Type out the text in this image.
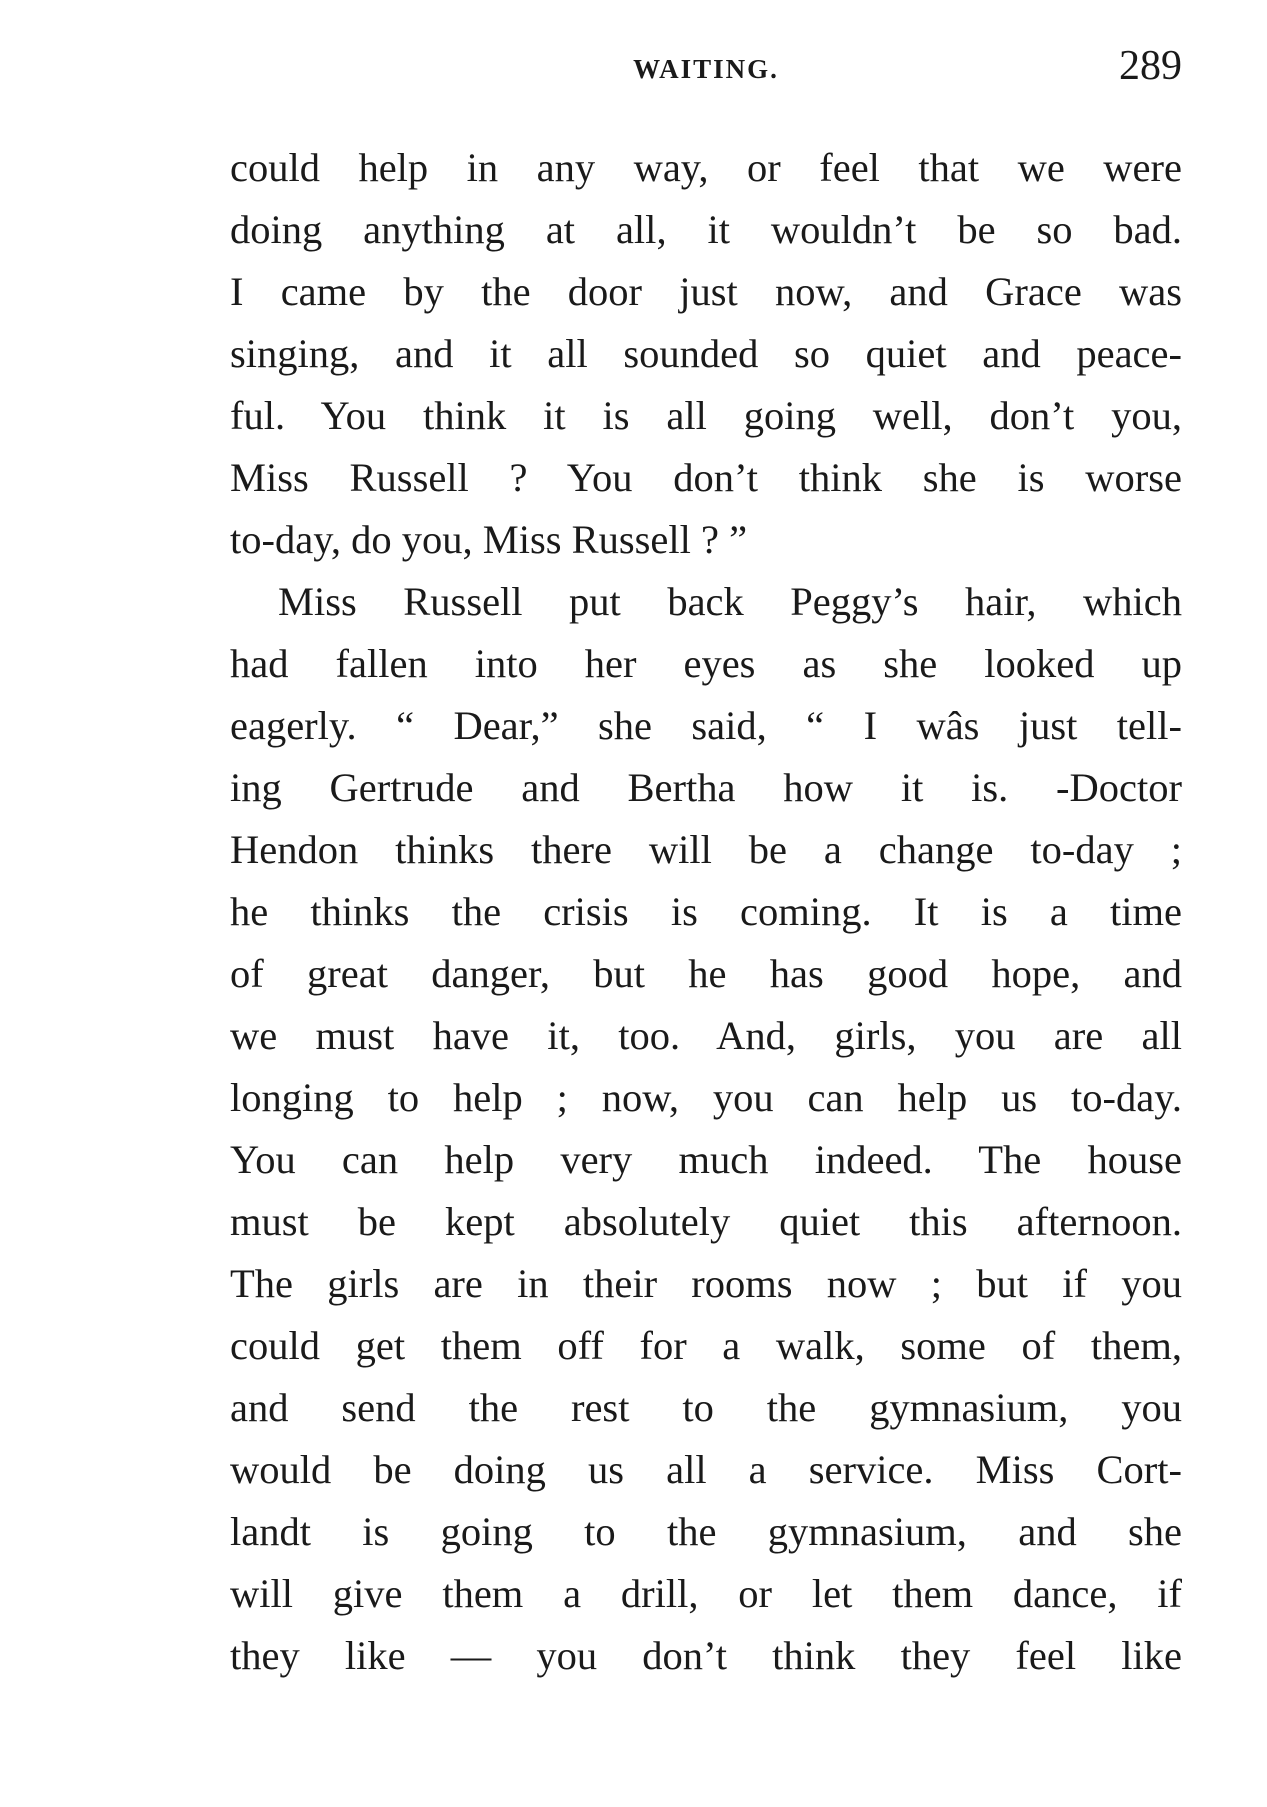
WAITING.	289
could help in any way, or feel that we were
doing anything at all, it wouldn’t be so bad.
I came by the door just now, and Grace was
singing, and it all sounded so quiet and peace-
ful. You think it is all going well, don’t you,
Miss Russell ? You don’t think she is worse
to-day, do you, Miss Russell ? ”
Miss Russell put back Peggy’s hair, which
had fallen into her eyes as she looked up
eagerly. “ Dear,” she said, “ I wâs just tell-
ing Gertrude and Bertha how it is. -Doctor
Hendon thinks there will be a change to-day ;
he thinks the crisis is coming. It is a time
of great danger, but he has good hope, and
we must have it, too. And, girls, you are all
longing to help ; now, you can help us to-day.
You can help very much indeed. The house
must be kept absolutely quiet this afternoon.
The girls are in their rooms now ; but if you
could get them off for a walk, some of them,
and send the rest to the gymnasium, you
would be doing us all a service. Miss Cort-
landt is going to the gymnasium, and she
will give them a drill, or let them dance, if
they like — you don’t think they feel like
